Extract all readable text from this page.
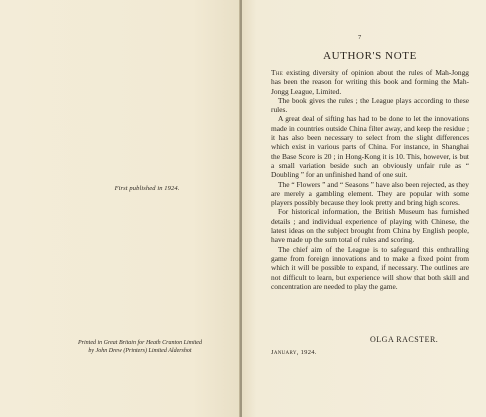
First published in 1924.
Printed in Great Britain for Heath Cranton Limited
by John Drew (Printers) Limited Aldershot
7
AUTHOR'S NOTE

The existing diversity of opinion about the rules of Mah-Jongg has been the reason for writing this book and forming the Mah-Jongg League, Limited.

The book gives the rules ; the League plays according to these rules.

A great deal of sifting has had to be done to let the innovations made in countries outside China filter away, and keep the residue ; it has also been necessary to select from the slight differences which exist in various parts of China. For instance, in Shanghai the Base Score is 20 ; in Hong-Kong it is 10. This, however, is but a small variation beside such an obviously unfair rule as “ Doubling ” for an unfinished hand of one suit.

The “ Flowers ” and “ Seasons ” have also been rejected, as they are merely a gambling element. They are popular with some players possibly because they look pretty and bring high scores.

For historical information, the British Museum has furnished details ; and individual experience of playing with Chinese, the latest ideas on the subject brought from China by English people, have made up the sum total of rules and scoring.

The chief aim of the League is to safeguard this enthralling game from foreign innovations and to make a fixed point from which it will be possible to expand, if necessary. The outlines are not difficult to learn, but experience will show that both skill and concentration are needed to play the game.

OLGA RACSTER.
January, 1924.
